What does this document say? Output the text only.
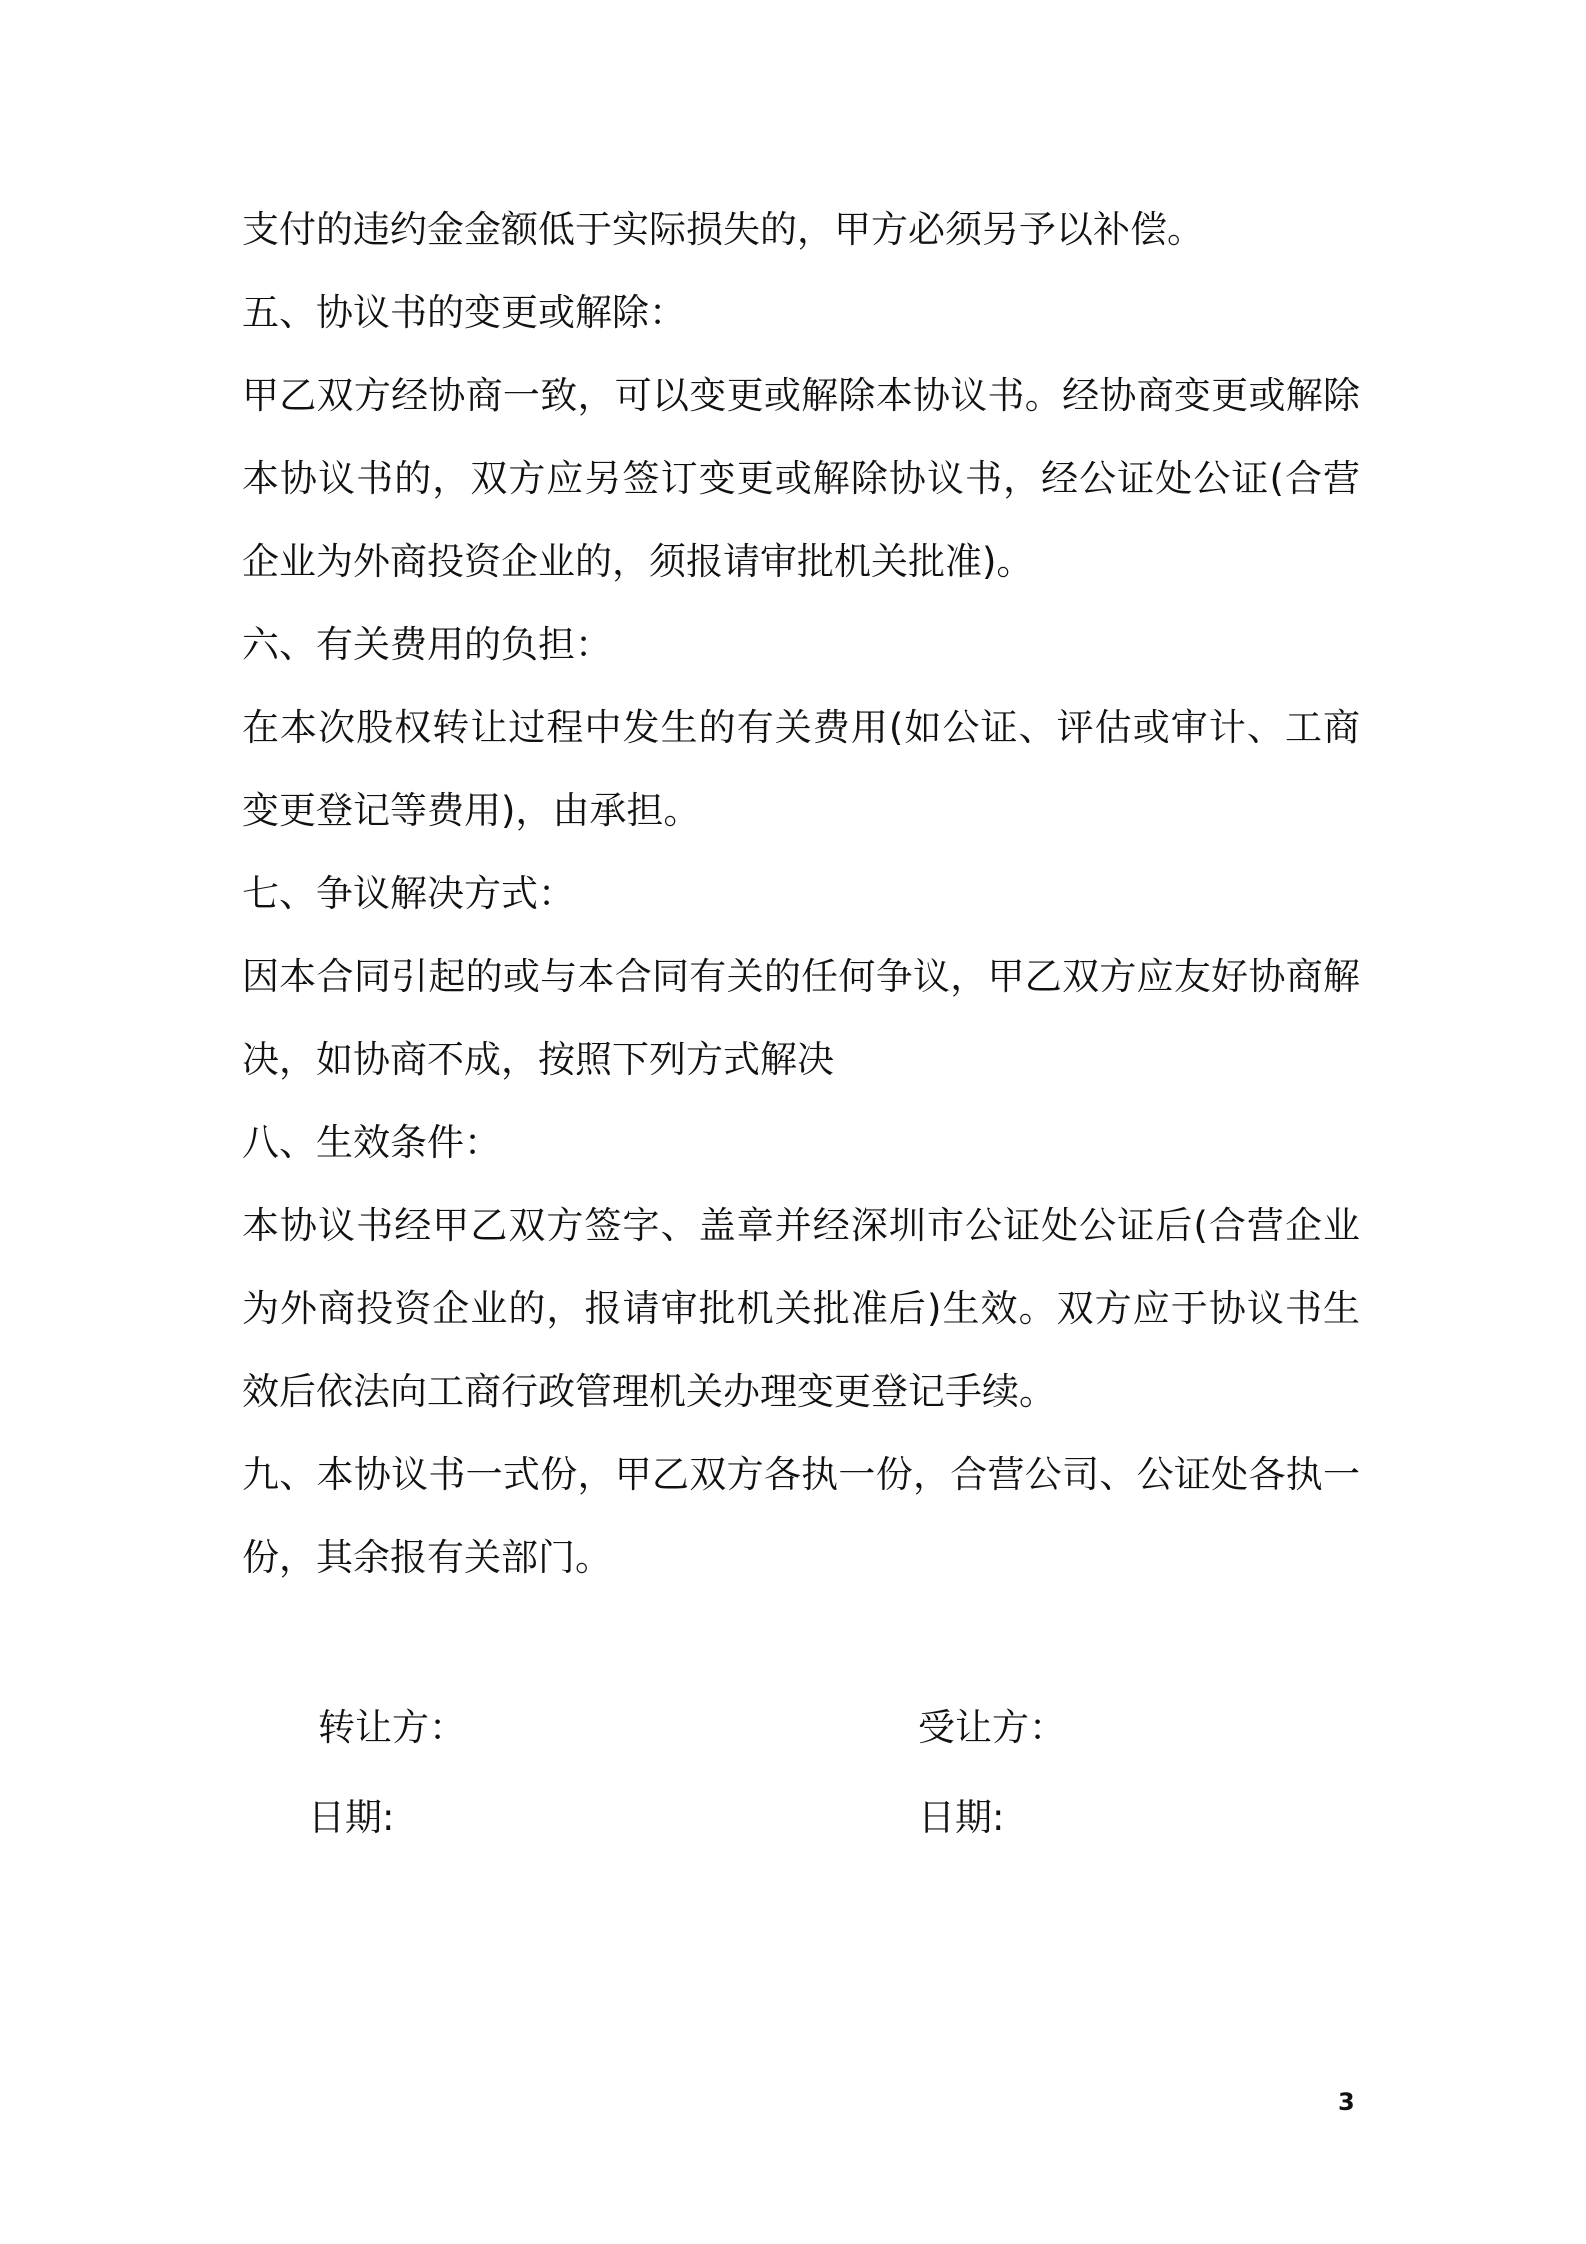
支付的违约金金额低于实际损失的，甲方必须另予以补偿。
五、协议书的变更或解除：
甲乙双方经协商一致，可以变更或解除本协议书。经协商变更或解除
本协议书的，双方应另签订变更或解除协议书，经公证处公证(合营
企业为外商投资企业的，须报请审批机关批准)。
六、有关费用的负担：
在本次股权转让过程中发生的有关费用(如公证、评估或审计、工商
变更登记等费用)，由承担。
七、争议解决方式：
因本合同引起的或与本合同有关的任何争议，甲乙双方应友好协商解
决，如协商不成，按照下列方式解决
八、生效条件：
本协议书经甲乙双方签字、盖章并经深圳市公证处公证后(合营企业
为外商投资企业的，报请审批机关批准后)生效。双方应于协议书生
效后依法向工商行政管理机关办理变更登记手续。
九、本协议书一式份，甲乙双方各执一份，合营公司、公证处各执一
份，其余报有关部门。
转让方：	受让方：
日期:	日期:
3
